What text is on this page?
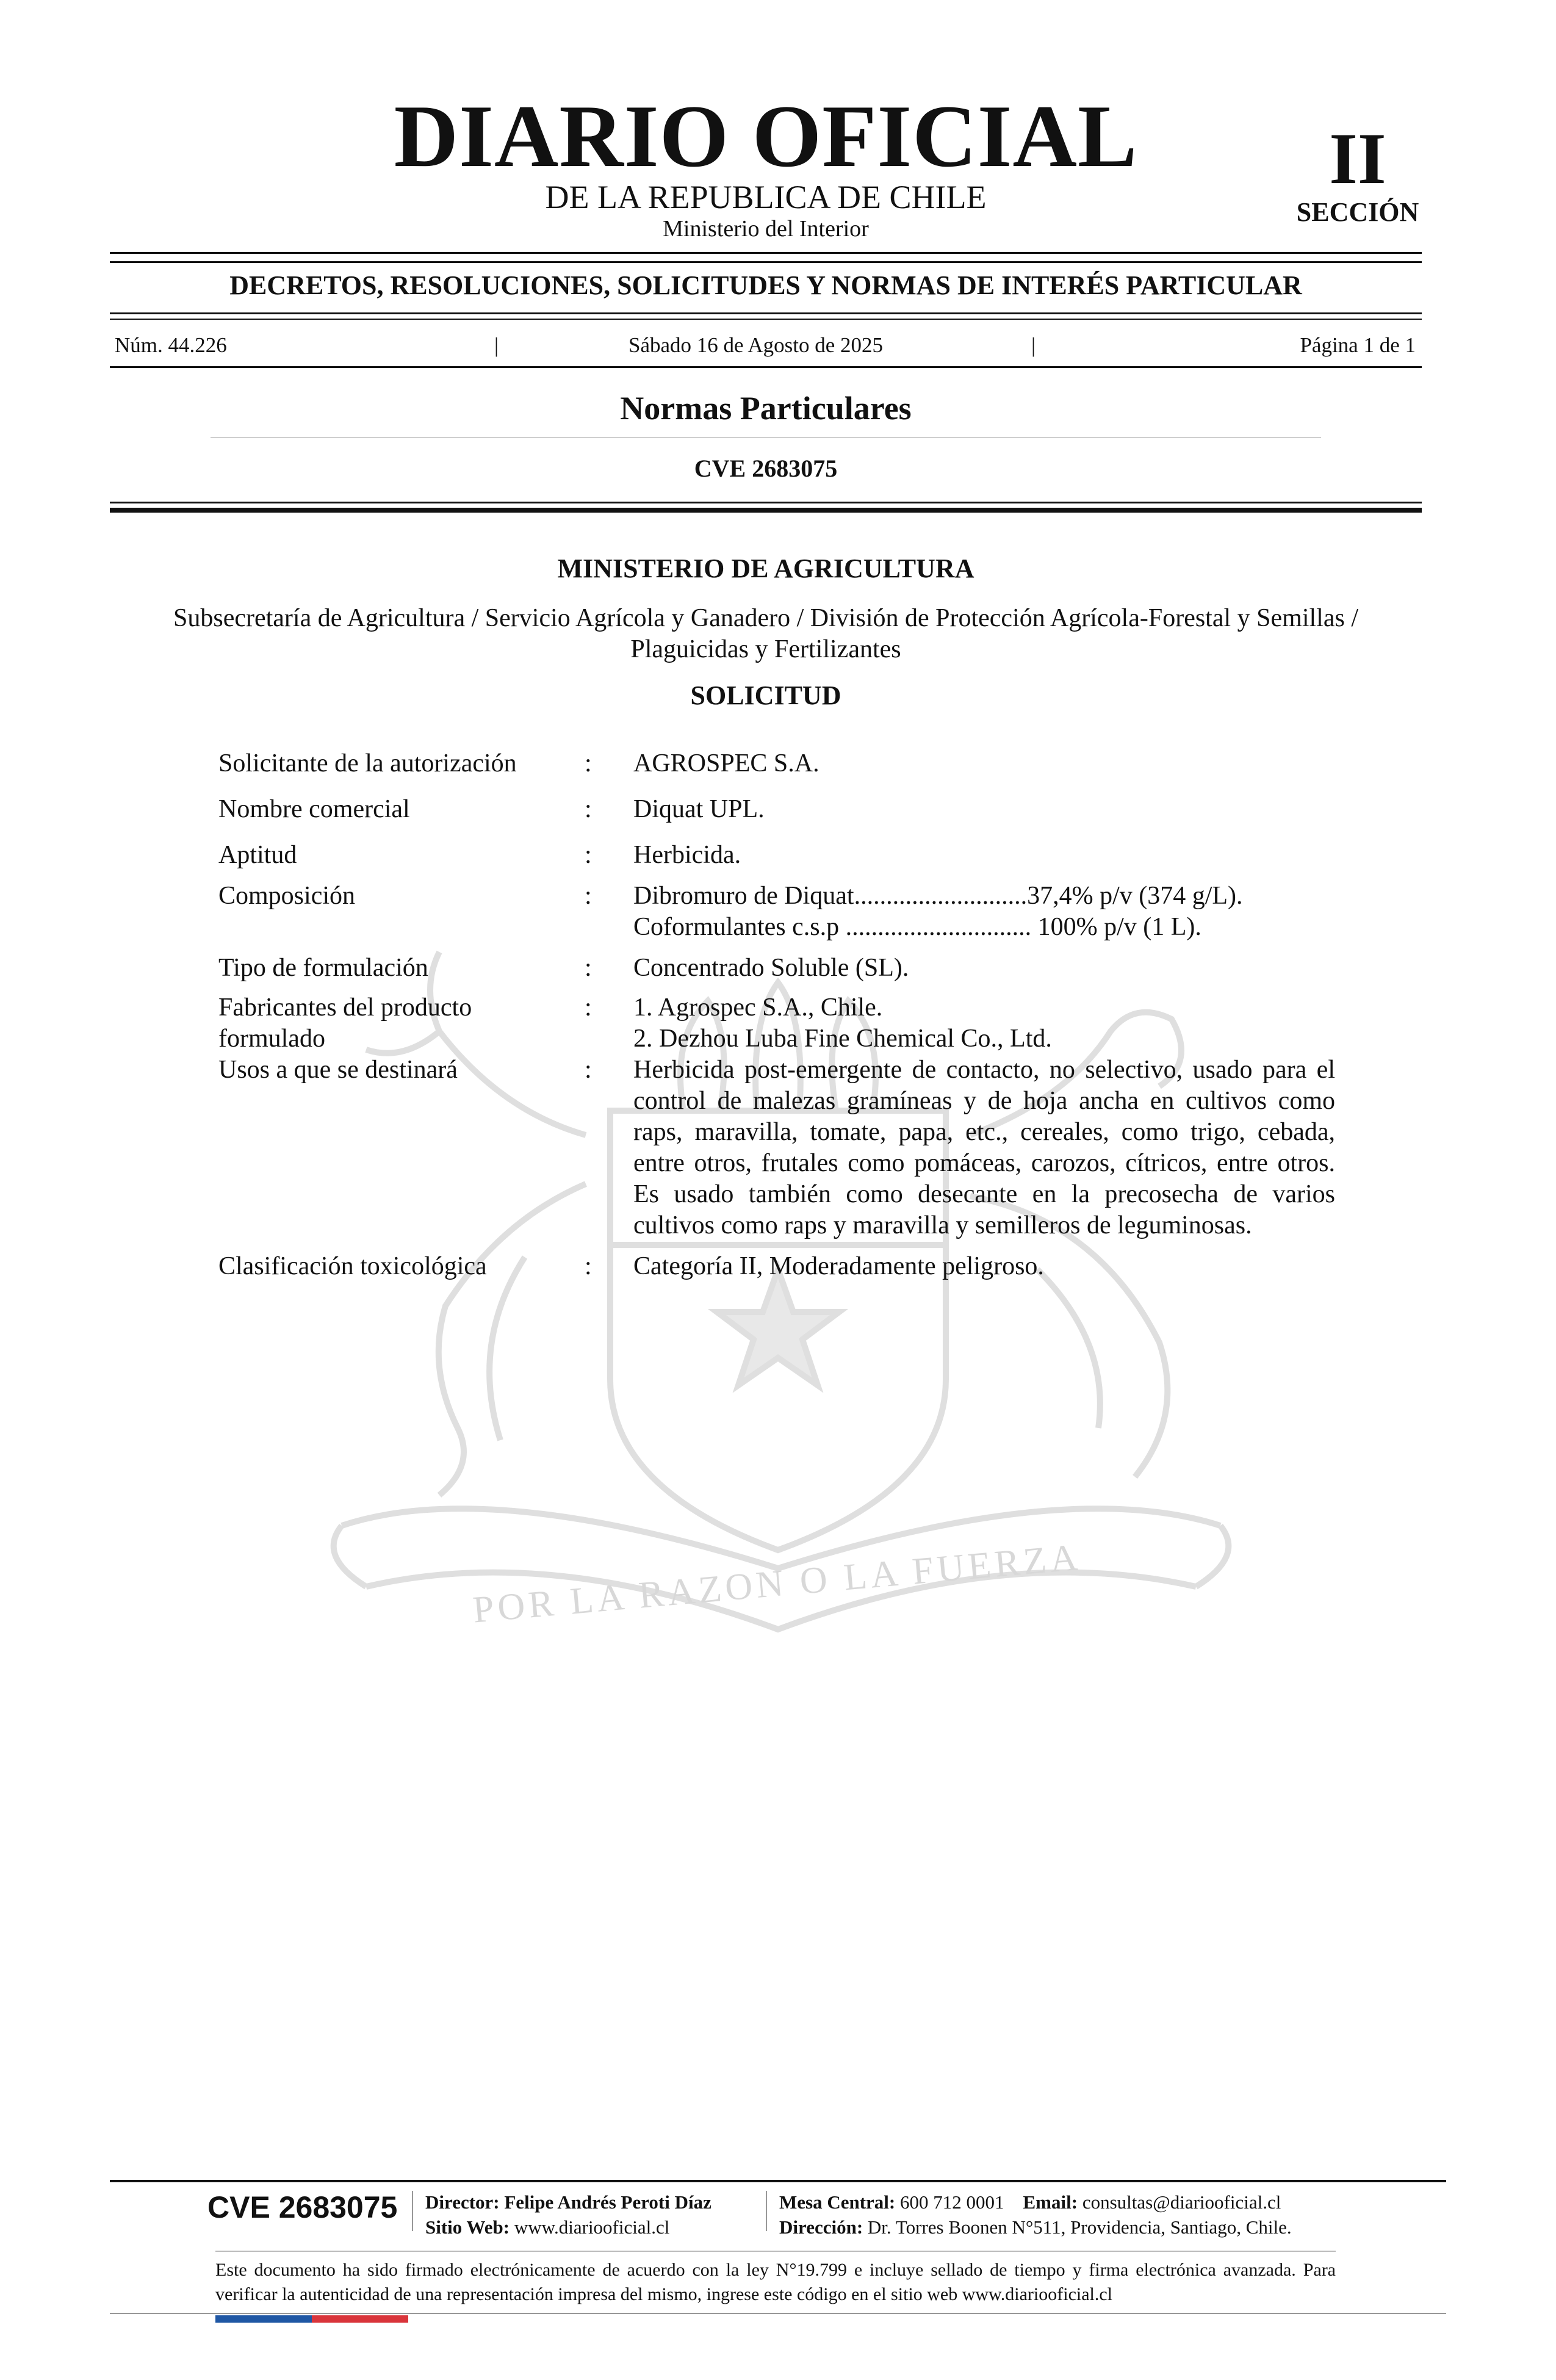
POR LA RAZON O LA FUERZA
DIARIO OFICIAL
DE LA REPUBLICA DE CHILE
Ministerio del Interior
II
SECCIÓN
DECRETOS, RESOLUCIONES, SOLICITUDES Y NORMAS DE INTERÉS PARTICULAR
Núm. 44.226	|	Sábado 16 de Agosto de 2025	|	Página 1 de 1
Normas Particulares
CVE 2683075
MINISTERIO DE AGRICULTURA
Subsecretaría de Agricultura / Servicio Agrícola y Ganadero / División de Protección Agrícola-Forestal y Semillas /
Plaguicidas y Fertilizantes
SOLICITUD
Solicitante de la autorización	:	AGROSPEC S.A.
Nombre comercial	:	Diquat UPL.
Aptitud	:	Herbicida.
Composición	:	Dibromuro de Diquat...........................37,4% p/v (374 g/L).
Coformulantes c.s.p ............................. 100% p/v (1 L).
Tipo de formulación	:	Concentrado Soluble (SL).
Fabricantes del producto
formulado
:	1. Agrospec S.A., Chile.
2. Dezhou Luba Fine Chemical Co., Ltd.
Usos a que se destinará	:	Herbicida post-emergente de contacto, no selectivo, usado para el control de malezas gramíneas y de hoja ancha en cultivos como raps, maravilla, tomate, papa, etc., cereales, como trigo, cebada, entre otros, frutales como pomáceas, carozos, cítricos, entre otros. Es usado también como desecante en la precosecha de varios cultivos como raps y maravilla y semilleros de leguminosas.
Clasificación toxicológica	:	Categoría II, Moderadamente peligroso.
CVE 2683075 Director: Felipe Andrés Peroti Díaz
Sitio Web: www.diariooficial.cl
Mesa Central: 600 712 0001 Email: consultas@diariooficial.cl
Dirección: Dr. Torres Boonen N°511, Providencia, Santiago, Chile.
Este documento ha sido firmado electrónicamente de acuerdo con la ley N°19.799 e incluye sellado de tiempo y firma electrónica avanzada. Para verificar la autenticidad de una representación impresa del mismo, ingrese este código en el sitio web www.diariooficial.cl
